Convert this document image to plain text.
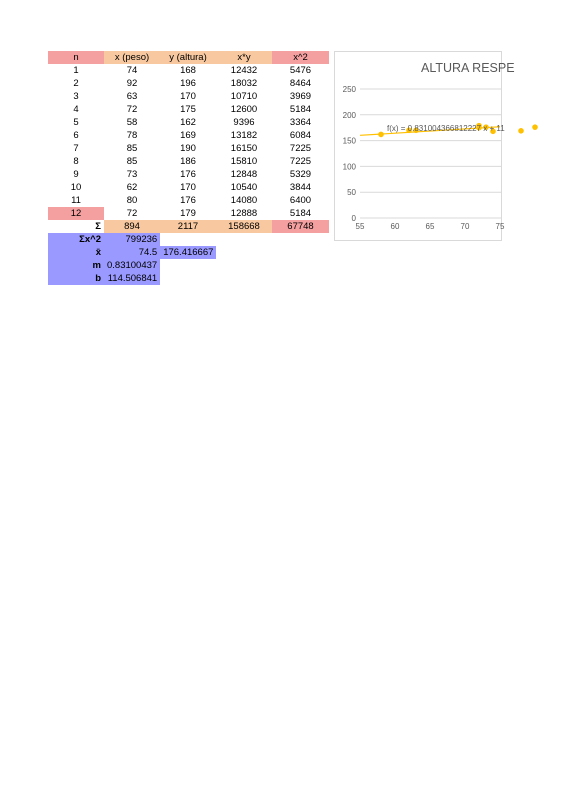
n	x (peso)	y (altura)	x*y	x^2
1	74	168	12432	5476
2	92	196	18032	8464
3	63	170	10710	3969
4	72	175	12600	5184
5	58	162	9396	3364
6	78	169	13182	6084
7	85	190	16150	7225
8	85	186	15810	7225
9	73	176	12848	5329
10	62	170	10540	3844
11	80	176	14080	6400
12	72	179	12888	5184
Σ	894	2117	158668	67748
Σx^2	799236	
x̄	74.5	176.416667
m	0.83100437	
b	114.506841	
ALTURA RESPE
0
50
100
150
200
250
55	60	65	70	75
f(x) = 0.831004366812227 x + 11
